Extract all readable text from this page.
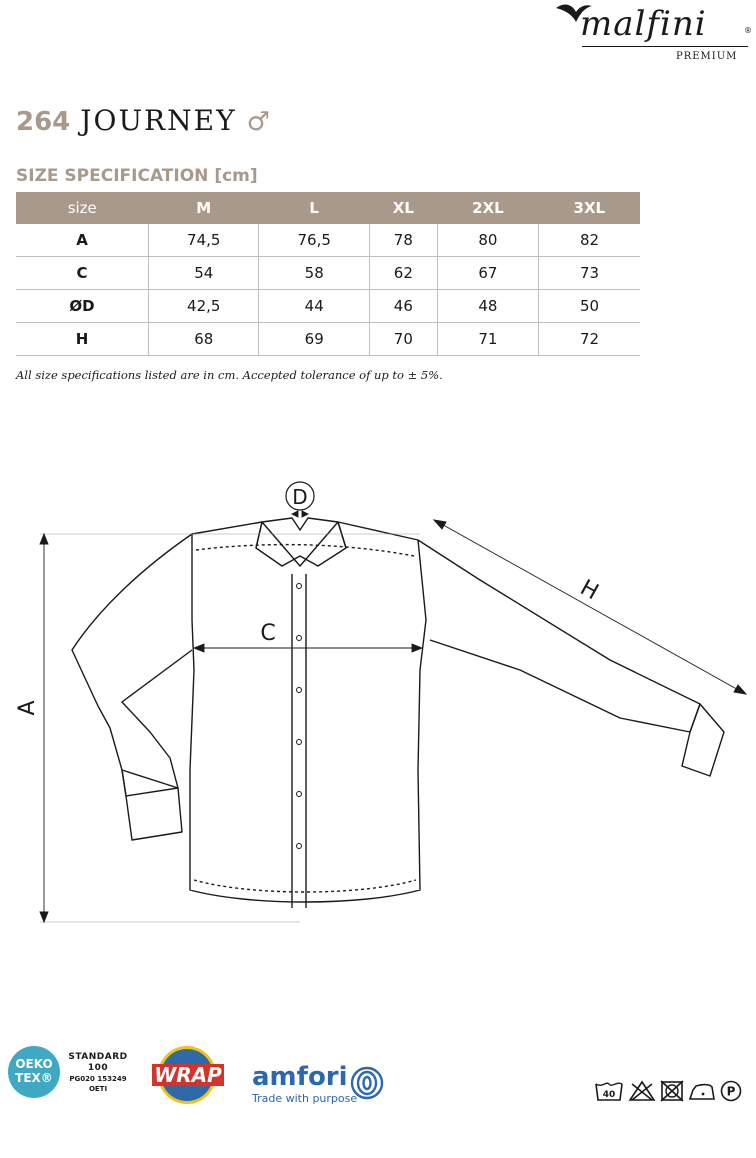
malfini	®
PREMIUM
264 JOURNEY ♂
SIZE SPECIFICATION [cm]
size	M	L	XL	2XL	3XL
A	74,5	76,5	78	80	82
C	54	58	62	67	73
ØD	42,5	44	46	48	50
H	68	69	70	71	72
All size specifications listed are in cm. Accepted tolerance of up to ± 5%.
D
C
A
H
OEKO TEX®
STANDARD 100
PG020 153249
OETI
WRAP amfori
Trade with purpose	40	P
